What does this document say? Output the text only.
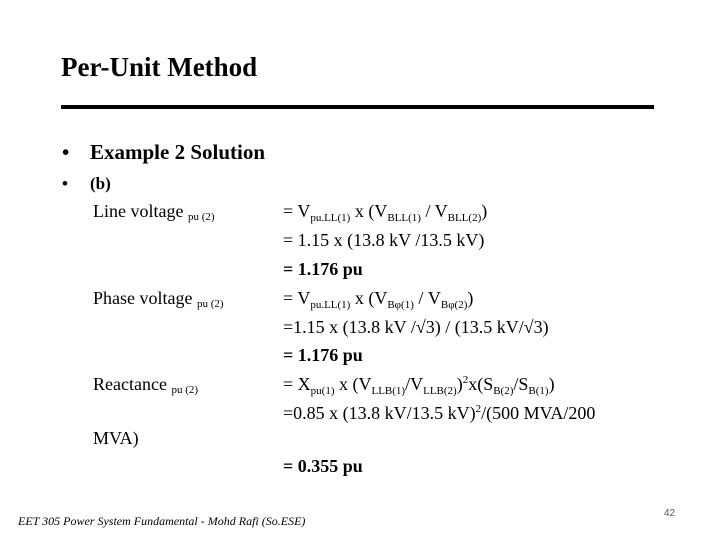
Per-Unit Method
• Example 2 Solution
• (b)
Line voltage pu (2)
Phase voltage pu (2)
Reactance pu (2)
MVA)
= $V_{pu.LL(1)}$ x $(V_{BLL(1)} / V_{BLL(2)})$
= 1.15 x (13.8 kV /13.5 kV)
= 1.176 pu
= $V_{pu.LL(1)}$ x $(V_{B\varphi(1)} / V_{B\varphi(2)})$
=1.15 x (13.8 kV /√3) / (13.5 kV/√3)
= 1.176 pu
= $X_{pu(1)}$ x $(V_{LLB(1)}/V_{LLB(2)})^2x(S_{B(2)}/S_{B(1)})$
=0.85 x (13.8 kV/13.5 kV)$^2$/(500 MVA/200
= 0.355 pu
EET 305 Power System Fundamental - Mohd Rafi (So.ESE)
42
